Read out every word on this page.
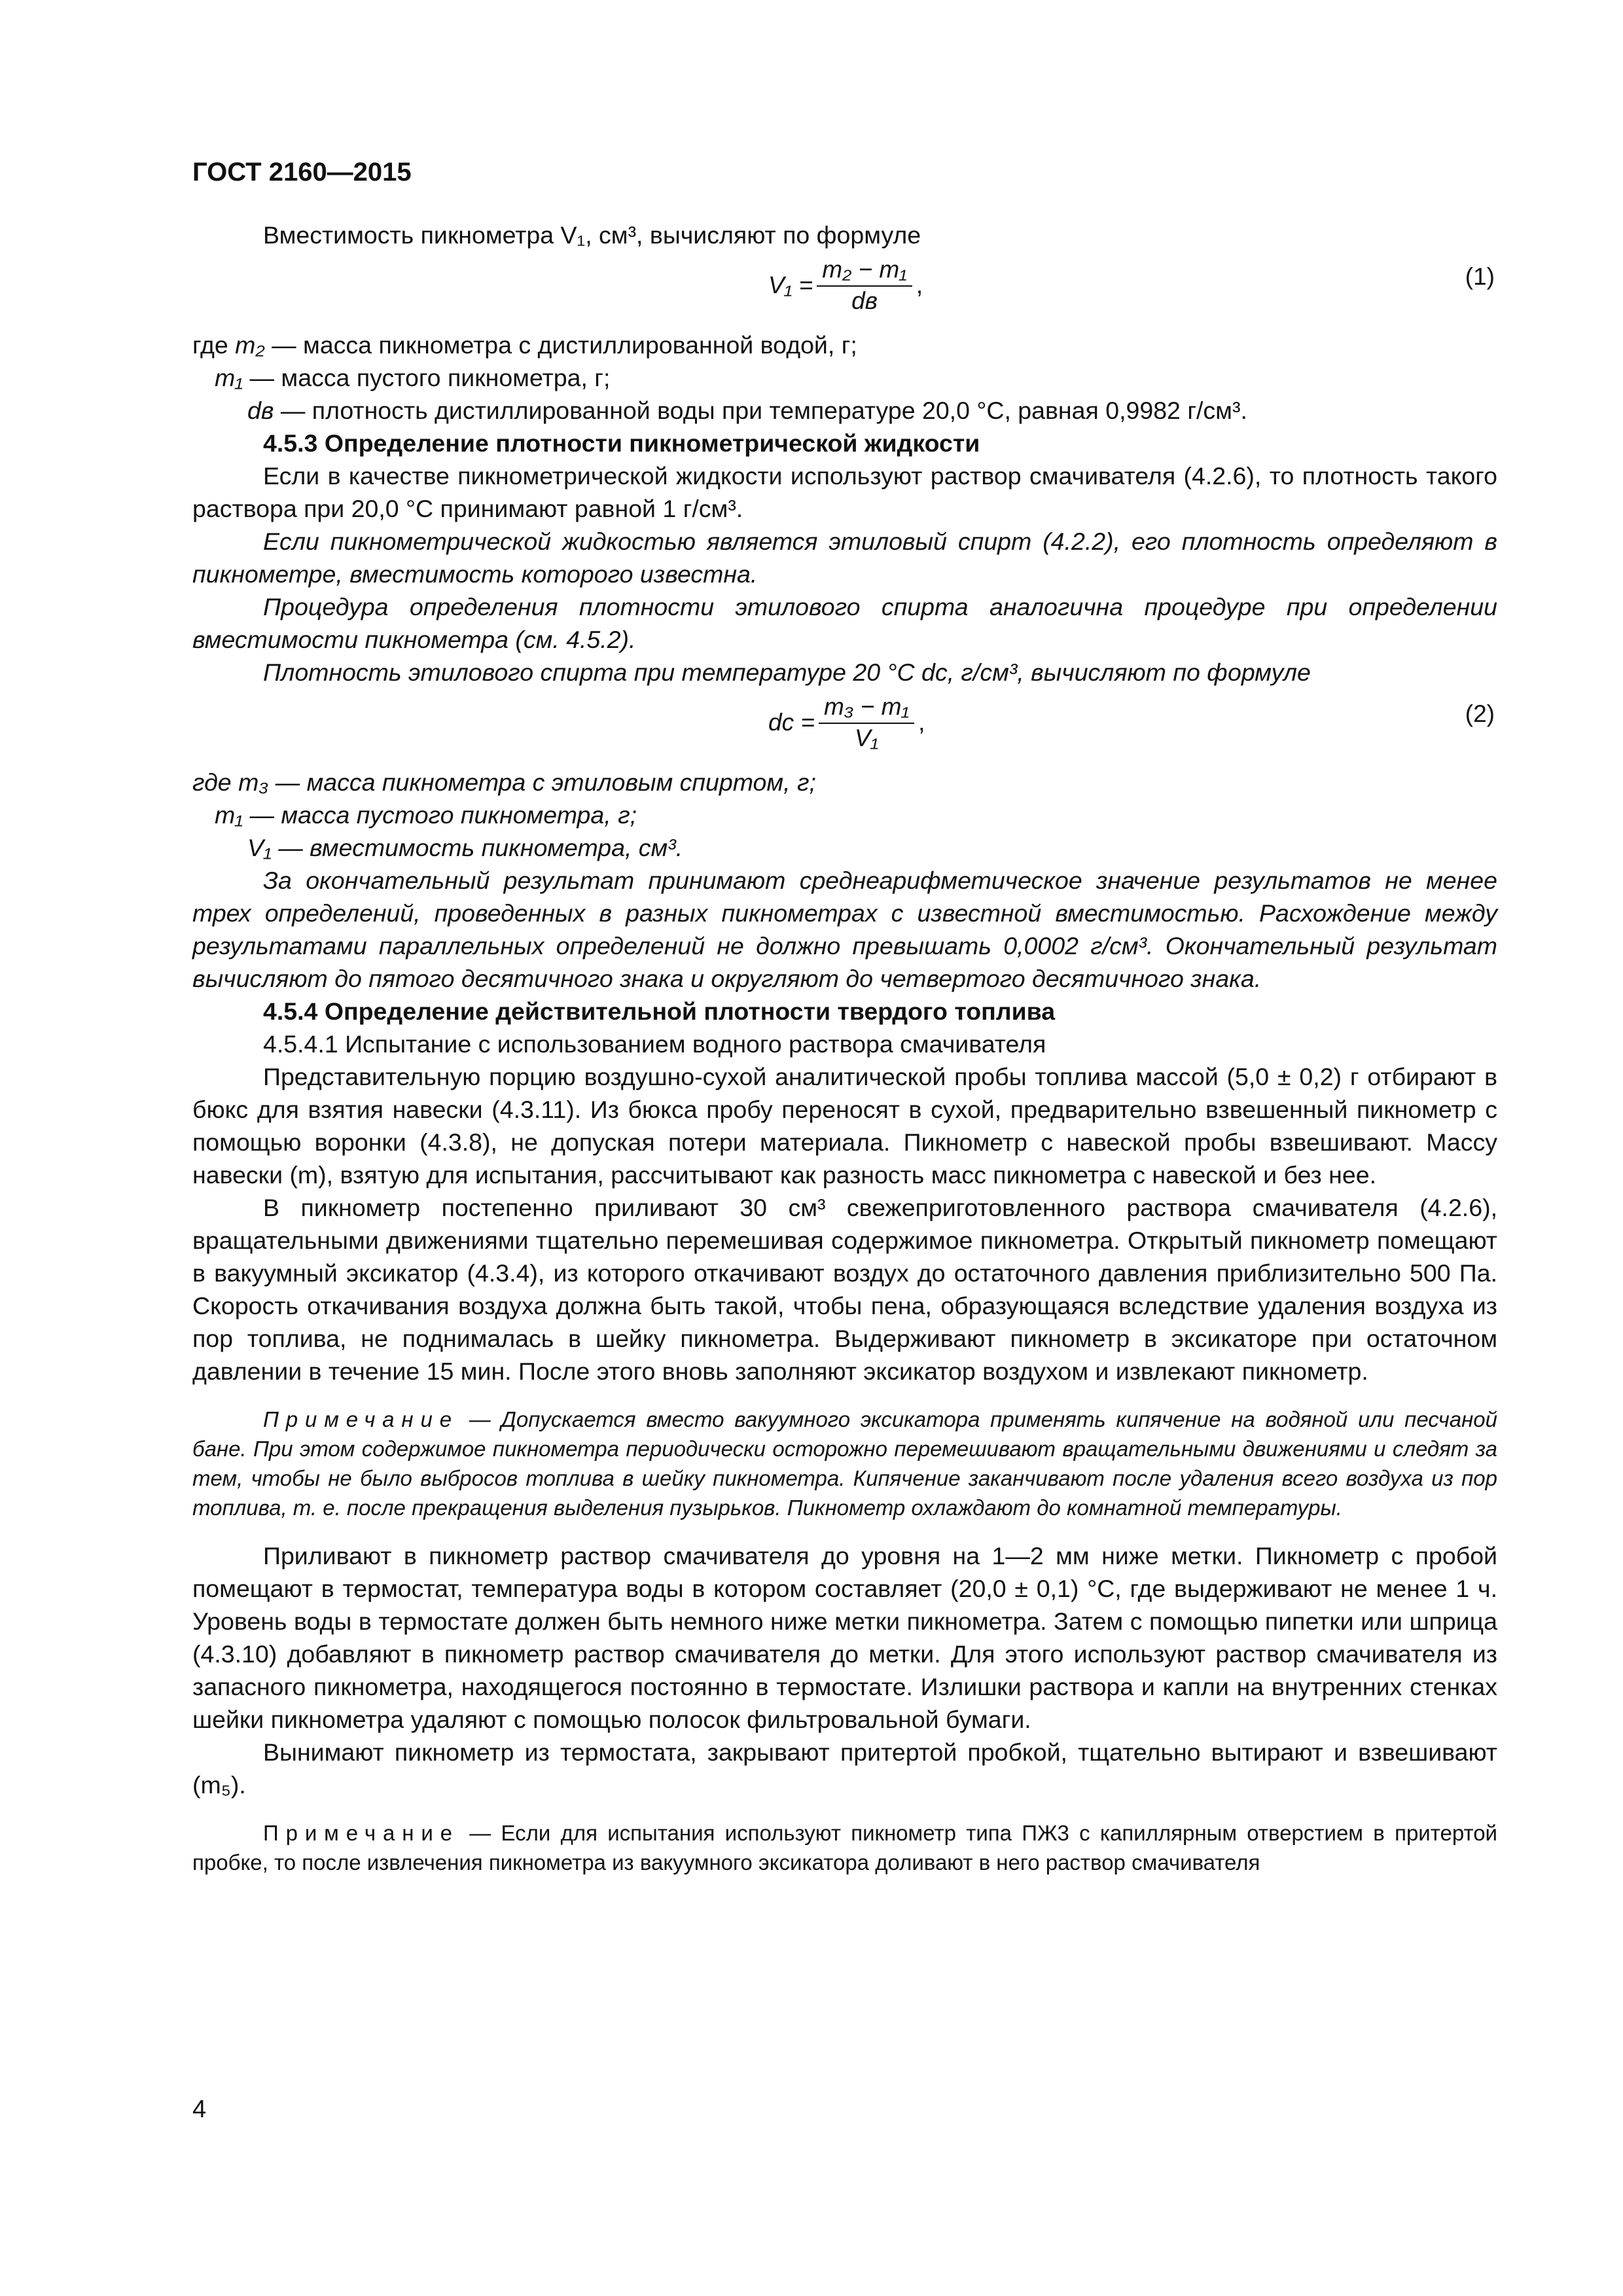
ГОСТ 2160—2015

Вместимость пикнометра V₁, см³, вычисляют по формуле

$V_1 = \frac{\text{m₂ − m₁}}{dв}$ ,	(1)

где m₂ — масса пикнометра с дистиллированной водой, г;

m₁ — масса пустого пикнометра, г;

dв — плотность дистиллированной воды при температуре 20,0 °C, равная 0,9982 г/см³.

4.5.3 Определение плотности пикнометрической жидкости

Если в качестве пикнометрической жидкости используют раствор смачивателя (4.2.6), то плотность такого раствора при 20,0 °C принимают равной 1 г/см³.

Если пикнометрической жидкостью является этиловый спирт (4.2.2), его плотность определяют в пикнометре, вместимость которого известна.

Процедура определения плотности этилового спирта аналогична процедуре при определении вместимости пикнометра (см. 4.5.2).

Плотность этилового спирта при температуре 20 °C dс, г/см³, вычисляют по формуле

dс = $\frac{\text{m₃ − m₁}}{\text{V₁}}$ ,	(2)

где m₃ — масса пикнометра с этиловым спиртом, г;

m₁ — масса пустого пикнометра, г;

V₁ — вместимость пикнометра, см³.

За окончательный результат принимают среднеарифметическое значение результатов не менее трех определений, проведенных в разных пикнометрах с известной вместимостью. Расхождение между результатами параллельных определений не должно превышать 0,0002 г/см³. Окончательный результат вычисляют до пятого десятичного знака и округляют до четвертого десятичного знака.

4.5.4 Определение действительной плотности твердого топлива

4.5.4.1 Испытание с использованием водного раствора смачивателя

Представительную порцию воздушно-сухой аналитической пробы топлива массой (5,0 ± 0,2) г отбирают в бюкс для взятия навески (4.3.11). Из бюкса пробу переносят в сухой, предварительно взвешенный пикнометр с помощью воронки (4.3.8), не допуская потери материала. Пикнометр с навеской пробы взвешивают. Массу навески (m), взятую для испытания, рассчитывают как разность масс пикнометра с навеской и без нее.

В пикнометр постепенно приливают 30 см³ свежеприготовленного раствора смачивателя (4.2.6), вращательными движениями тщательно перемешивая содержимое пикнометра. Открытый пикнометр помещают в вакуумный эксикатор (4.3.4), из которого откачивают воздух до остаточного давления приблизительно 500 Па. Скорость откачивания воздуха должна быть такой, чтобы пена, образующаяся вследствие удаления воздуха из пор топлива, не поднималась в шейку пикнометра. Выдерживают пикнометр в эксикаторе при остаточном давлении в течение 15 мин. После этого вновь заполняют эксикатор воздухом и извлекают пикнометр.

Примечание — Допускается вместо вакуумного эксикатора применять кипячение на водяной или песчаной бане. При этом содержимое пикнометра периодически осторожно перемешивают вращательными движениями и следят за тем, чтобы не было выбросов топлива в шейку пикнометра. Кипячение заканчивают после удаления всего воздуха из пор топлива, т. е. после прекращения выделения пузырьков. Пикнометр охлаждают до комнатной температуры.

Приливают в пикнометр раствор смачивателя до уровня на 1—2 мм ниже метки. Пикнометр с пробой помещают в термостат, температура воды в котором составляет (20,0 ± 0,1) °C, где выдерживают не менее 1 ч. Уровень воды в термостате должен быть немного ниже метки пикнометра. Затем с помощью пипетки или шприца (4.3.10) добавляют в пикнометр раствор смачивателя до метки. Для этого используют раствор смачивателя из запасного пикнометра, находящегося постоянно в термостате. Излишки раствора и капли на внутренних стенках шейки пикнометра удаляют с помощью полосок фильтровальной бумаги.

Вынимают пикнометр из термостата, закрывают притертой пробкой, тщательно вытирают и взвешивают (m₅).

Примечание — Если для испытания используют пикнометр типа ПЖ3 с капиллярным отверстием в притертой пробке, то после извлечения пикнометра из вакуумного эксикатора доливают в него раствор смачивателя

4
